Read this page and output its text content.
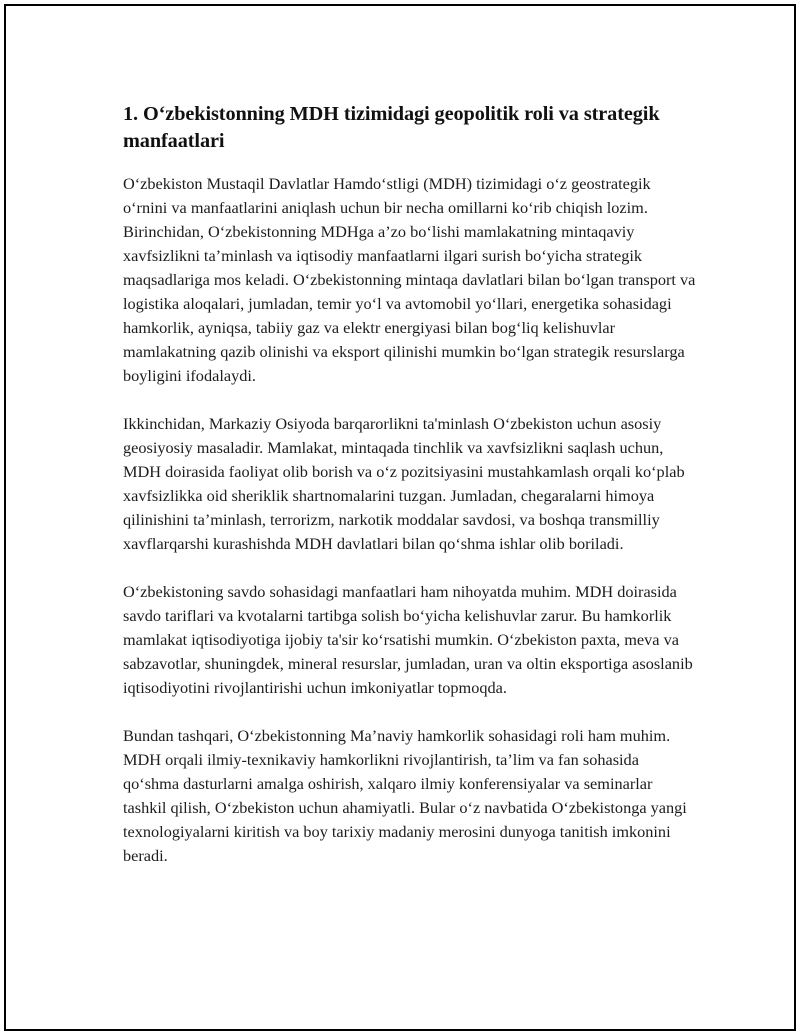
1. O‘zbekistonning MDH tizimidagi geopolitik roli va strategik manfaatlari

O‘zbekiston Mustaqil Davlatlar Hamdo‘stligi (MDH) tizimidagi o‘z geostrategik o‘rnini va manfaatlarini aniqlash uchun bir necha omillarni ko‘rib chiqish lozim. Birinchidan, O‘zbekistonning MDHga a’zo bo‘lishi mamlakatning mintaqaviy xavfsizlikni ta’minlash va iqtisodiy manfaatlarni ilgari surish bo‘yicha strategik maqsadlariga mos keladi. O‘zbekistonning mintaqa davlatlari bilan bo‘lgan transport va logistika aloqalari, jumladan, temir yo‘l va avtomobil yo‘llari, energetika sohasidagi hamkorlik, ayniqsa, tabiiy gaz va elektr energiyasi bilan bog‘liq kelishuvlar mamlakatning qazib olinishi va eksport qilinishi mumkin bo‘lgan strategik resurslarga boyligini ifodalaydi.

Ikkinchidan, Markaziy Osiyoda barqarorlikni ta'minlash O‘zbekiston uchun asosiy geosiyosiy masaladir. Mamlakat, mintaqada tinchlik va xavfsizlikni saqlash uchun, MDH doirasida faoliyat olib borish va o‘z pozitsiyasini mustahkamlash orqali ko‘plab xavfsizlikka oid sheriklik shartnomalarini tuzgan. Jumladan, chegaralarni himoya qilinishini ta’minlash, terrorizm, narkotik moddalar savdosi, va boshqa transmilliy xavflarqarshi kurashishda MDH davlatlari bilan qo‘shma ishlar olib boriladi.

O‘zbekistoning savdo sohasidagi manfaatlari ham nihoyatda muhim. MDH doirasida savdo tariflari va kvotalarni tartibga solish bo‘yicha kelishuvlar zarur. Bu hamkorlik mamlakat iqtisodiyotiga ijobiy ta'sir ko‘rsatishi mumkin. O‘zbekiston paxta, meva va sabzavotlar, shuningdek, mineral resurslar, jumladan, uran va oltin eksportiga asoslanib iqtisodiyotini rivojlantirishi uchun imkoniyatlar topmoqda.

Bundan tashqari, O‘zbekistonning Ma’naviy hamkorlik sohasidagi roli ham muhim. MDH orqali ilmiy-texnikaviy hamkorlikni rivojlantirish, ta’lim va fan sohasida qo‘shma dasturlarni amalga oshirish, xalqaro ilmiy konferensiyalar va seminarlar tashkil qilish, O‘zbekiston uchun ahamiyatli. Bular o‘z navbatida O‘zbekistonga yangi texnologiyalarni kiritish va boy tarixiy madaniy merosini dunyoga tanitish imkonini beradi.
